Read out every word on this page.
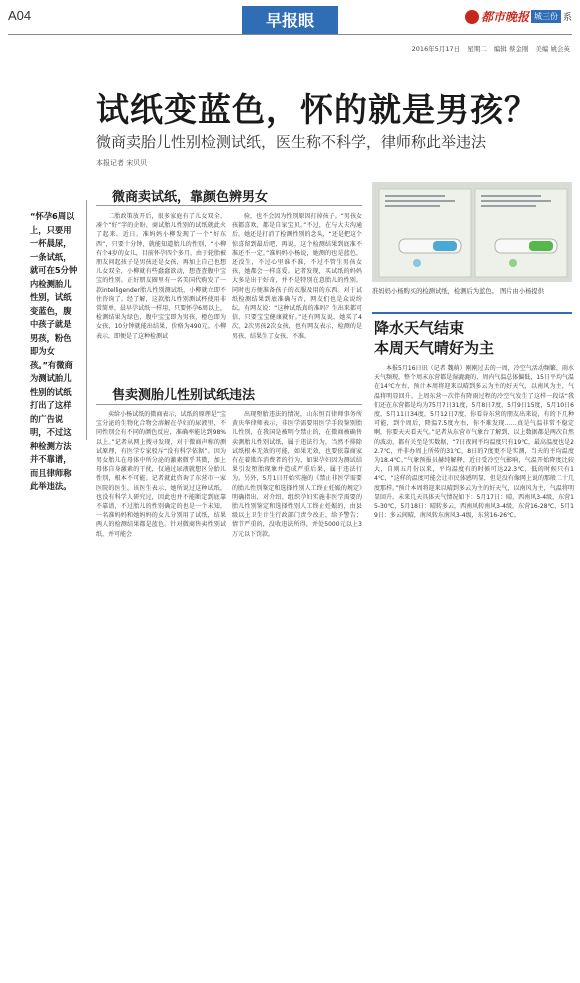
A04	早报眼	都市晚报 城三份 系
2016年5月17日 星期二 编辑 蔡金刚 美编 姚会英
试纸变蓝色，怀的就是男孩？
微商卖胎儿性别检测试纸，医生称不科学，律师称此举违法
本报记者 宋贝贝
“怀孕6周以上，只要用一杯晨尿，一条试纸，就可在5分钟内检测胎儿性别，试纸变蓝色，腹中孩子就是男孩，粉色即为女孩。”有微商为测试胎儿性别的试纸打出了这样的广告说明，不过这种检测方法并不靠谱，而且律师称此举违法。
微商卖试纸，靠颜色辨男女
二胎政策放开后，很多家庭有了儿女双全，凑个“好”字的企盼，商试胎儿性别的试纸就此火了起来。近日，准妈妈小柳发现了一个“好东西”，只要十分钟，就能知道胎儿的性别，“小柳有个4岁的女儿，目前怀孕四个多月，由于轮胎被朋友问起孩子是男孩还是女孩，再加上自己也想儿女双全，小柳就有些蠢蠢欲动，想查查腹中宝宝的性别。正好朋友圈里有一名美国代购发了一款intelligender胎儿性别测试纸，小柳就立即不住咨询了。经了解，这款胎儿性别测试杯使用非常简单，晨早孕试纸一样用，只要怀孕6周以上，检测结果为绿色，腹中宝宝即为男孩，橙色即为女孩，10分钟就能出结果，价格为490元。小柳表示，即便是了这种检测试
验，也不会因为性别原因打掉孩子。“男孩女孩都喜欢，都是自家宝贝。”不过，在与大夫沟通后，她还是打消了检测性别的念头，“还是把这个惊喜留到最后吧，再说，这个检测结果到底准不准还不一定。”准妈妈小杨说，她测的也是蓝色，还没生，不过心里谁不准，不过不管生男孩女孩，她都会一样喜爱。记者发现，买试纸的妈妈大多是出于好奇，并不是特别在意胎儿的性别，同时也方便准备孩子的衣服及用的东西。对于试纸检测结果到底准确与否，网友们也是众说纷纭。有网友说：“这种试纸真的准吗？生出来都可信，只要宝宝健康就好。”还有网友说，她买了4次，2次男孩2次女孩，也有网友表示，检测的是男孩，结果生了女孩，不准。
售卖测胎儿性别试纸违法
卖给小杨试纸的微商表示，试纸的原理是“宝宝分泌的生物化合物会溶解在孕妇的尿液里，不同性别会有不同的颜色反应，准确率能达到98%以上。”记者从网上搜寻发现，对于微商声称的测试原理，有医学专家驳斥“没有科学依据”。因为男女胎儿在母体中所分泌的激素微乎其微，加上母体自身激素的干扰，仅通过尿液就想区分胎儿性别，根本不可能。记者就此咨询了东营市一家医院的医生，该医生表示，她所说过这种试纸，也没有科学人研究过，因此也并不能断定到底靠不靠谱，不过胎儿的性别确定的也是一个未知，一名准妈妈和她妈妈的女儿分别用了试纸，结果两人的检测结果都是蓝色。针对微商售卖性别试纸，并可能会
出现堕胎违法的情况，山东恒百律师事务所黄庆华律师表示，非医学需要用医学手段鉴别胎儿性别，在我国是被明令禁止的，在微商被确售卖测胎儿性别试纸，属于违法行为，当然不排除试纸根本无效的可能，如果无效，也要依靠商家有在着欺诈消费者的行为，如果孕妇因为测试结果引发堕胎现象并造成严重后果，属于违法行为。另外，5月1日开始实施的《禁止非医学需要的胎儿性别鉴定和选择性别人工终止妊娠的规定》明确指出，对介绍、组织孕妇实施非医学需要的胎儿性别鉴定和选择性别人工终止妊娠的，由县级以上卫生计生行政部门责令改正，给予警告；情节严重的，没收违法所得，并处5000元以上3万元以下罚款。
准妈妈小杨购买的检测试纸，检测后为蓝色。 图片由小杨提供
降水天气结束
本周天气晴好为主
本报5月16日讯（记者 魏萌）刚刚过去的一周，冷空气活动频繁，雨水天气频现，整个周末东营都是湿漉漉的，周内气温总体偏低，15日平均气温在14℃左右，预计本周将迎来以晴到多云为主的好天气，以南风为主，气温将明显回升。上周东营一次伴有降雨过程的冷空气发生了这样一段话“我们还在东营都是均为75月7日31度，5月8日7度，5月9日15度，5月10日6度，5月11日34度，5月12日7度，你看谷东营的朋友出来说，有的下几种可能，到个周后，降温7.5度左右，你不难发现……真是气温非常不稳定啊，你要天天看天气。”记者从东营市气象台了解到，以上数据都是两次自然的波动，都有关至是实数据，“7日夜间平均温度只有19℃，最高温度也是22.7℃，并非办周上所传的31℃，8日的7度更不是实测，当天的平均温度为18.4℃。”气象预报员赫纯解释，近日受冷空气影响，气温开始降度比较大，自则五月份以来，平均温度有的时候可达22.3℃，低的时候只有14℃，“这样的温度可能会让市民体感明显，但是没有像网上说的那般二十几度那样。”预计本周将迎来以晴到多云为主的好天气，以南风为主，气温将明显回升。未来几天具体天气情况如下：5月17日：晴，西南风3-4级，东营15-30℃，5月18日：晴转多云，西南风转南风3-4级，东营16-28℃，5月19日：多云间晴，南风转东南风3-4级，东营16-26℃。
